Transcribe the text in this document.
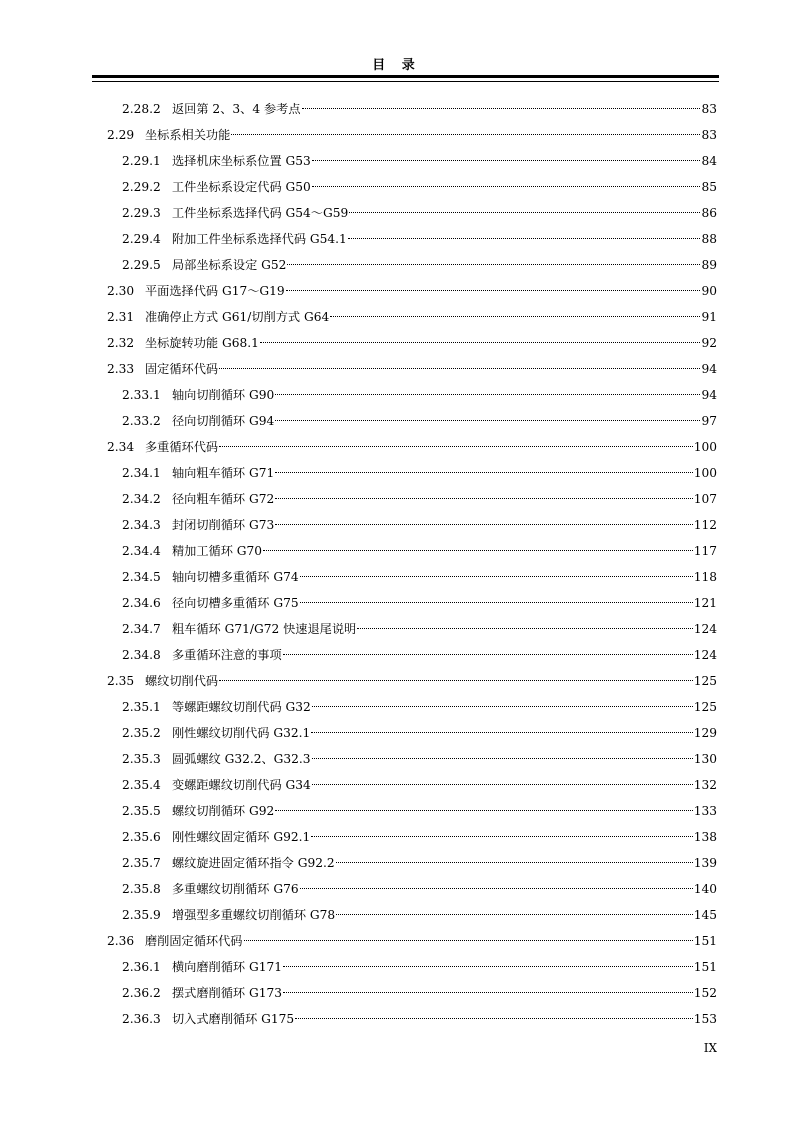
目 录
2.28.2 返回第 2、3、4 参考点	83
2.29 坐标系相关功能	83
2.29.1 选择机床坐标系位置 G53	84
2.29.2 工件坐标系设定代码 G50	85
2.29.3 工件坐标系选择代码 G54～G59	86
2.29.4 附加工件坐标系选择代码 G54.1	88
2.29.5 局部坐标系设定 G52	89
2.30 平面选择代码 G17～G19	90
2.31 准确停止方式 G61/切削方式 G64	91
2.32 坐标旋转功能 G68.1	92
2.33 固定循环代码	94
2.33.1 轴向切削循环 G90	94
2.33.2 径向切削循环 G94	97
2.34 多重循环代码	100
2.34.1 轴向粗车循环 G71	100
2.34.2 径向粗车循环 G72	107
2.34.3 封闭切削循环 G73	112
2.34.4 精加工循环 G70	117
2.34.5 轴向切槽多重循环 G74	118
2.34.6 径向切槽多重循环 G75	121
2.34.7 粗车循环 G71/G72 快速退尾说明	124
2.34.8 多重循环注意的事项	124
2.35 螺纹切削代码	125
2.35.1 等螺距螺纹切削代码 G32	125
2.35.2 刚性螺纹切削代码 G32.1	129
2.35.3 圆弧螺纹 G32.2、G32.3	130
2.35.4 变螺距螺纹切削代码 G34	132
2.35.5 螺纹切削循环 G92	133
2.35.6 刚性螺纹固定循环 G92.1	138
2.35.7 螺纹旋进固定循环指令 G92.2	139
2.35.8 多重螺纹切削循环 G76	140
2.35.9 增强型多重螺纹切削循环 G78	145
2.36 磨削固定循环代码	151
2.36.1 横向磨削循环 G171	151
2.36.2 摆式磨削循环 G173	152
2.36.3 切入式磨削循环 G175	153
IX
